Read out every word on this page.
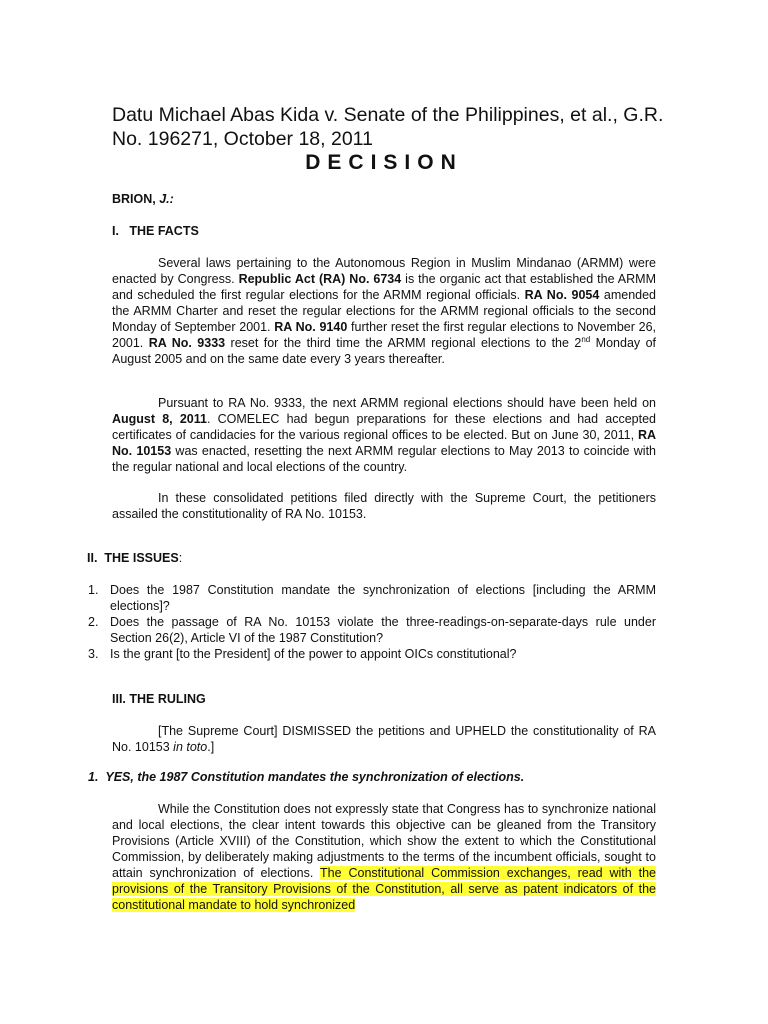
Datu Michael Abas Kida v. Senate of the Philippines, et al., G.R. No. 196271, October 18, 2011
DECISION
BRION, J.:
I.   THE FACTS

Several laws pertaining to the Autonomous Region in Muslim Mindanao (ARMM) were enacted by Congress. Republic Act (RA) No. 6734 is the organic act that established the ARMM and scheduled the first regular elections for the ARMM regional officials. RA No. 9054 amended the ARMM Charter and reset the regular elections for the ARMM regional officials to the second Monday of September 2001. RA No. 9140 further reset the first regular elections to November 26, 2001. RA No. 9333 reset for the third time the ARMM regional elections to the 2nd Monday of August 2005 and on the same date every 3 years thereafter.

Pursuant to RA No. 9333, the next ARMM regional elections should have been held on August 8, 2011. COMELEC had begun preparations for these elections and had accepted certificates of candidacies for the various regional offices to be elected. But on June 30, 2011, RA No. 10153 was enacted, resetting the next ARMM regular elections to May 2013 to coincide with the regular national and local elections of the country.

In these consolidated petitions filed directly with the Supreme Court, the petitioners assailed the constitutionality of RA No. 10153.

II. THE ISSUES:
1. Does the 1987 Constitution mandate the synchronization of elections [including the ARMM elections]?
2. Does the passage of RA No. 10153 violate the three-readings-on-separate-days rule under Section 26(2), Article VI of the 1987 Constitution?
3. Is the grant [to the President] of the power to appoint OICs constitutional?
III. THE RULING

[The Supreme Court] DISMISSED the petitions and UPHELD the constitutionality of RA No. 10153 in toto.]

1.  YES, the 1987 Constitution mandates the synchronization of elections.

While the Constitution does not expressly state that Congress has to synchronize national and local elections, the clear intent towards this objective can be gleaned from the Transitory Provisions (Article XVIII) of the Constitution, which show the extent to which the Constitutional Commission, by deliberately making adjustments to the terms of the incumbent officials, sought to attain synchronization of elections. The Constitutional Commission exchanges, read with the provisions of the Transitory Provisions of the Constitution, all serve as patent indicators of the constitutional mandate to hold synchronized
